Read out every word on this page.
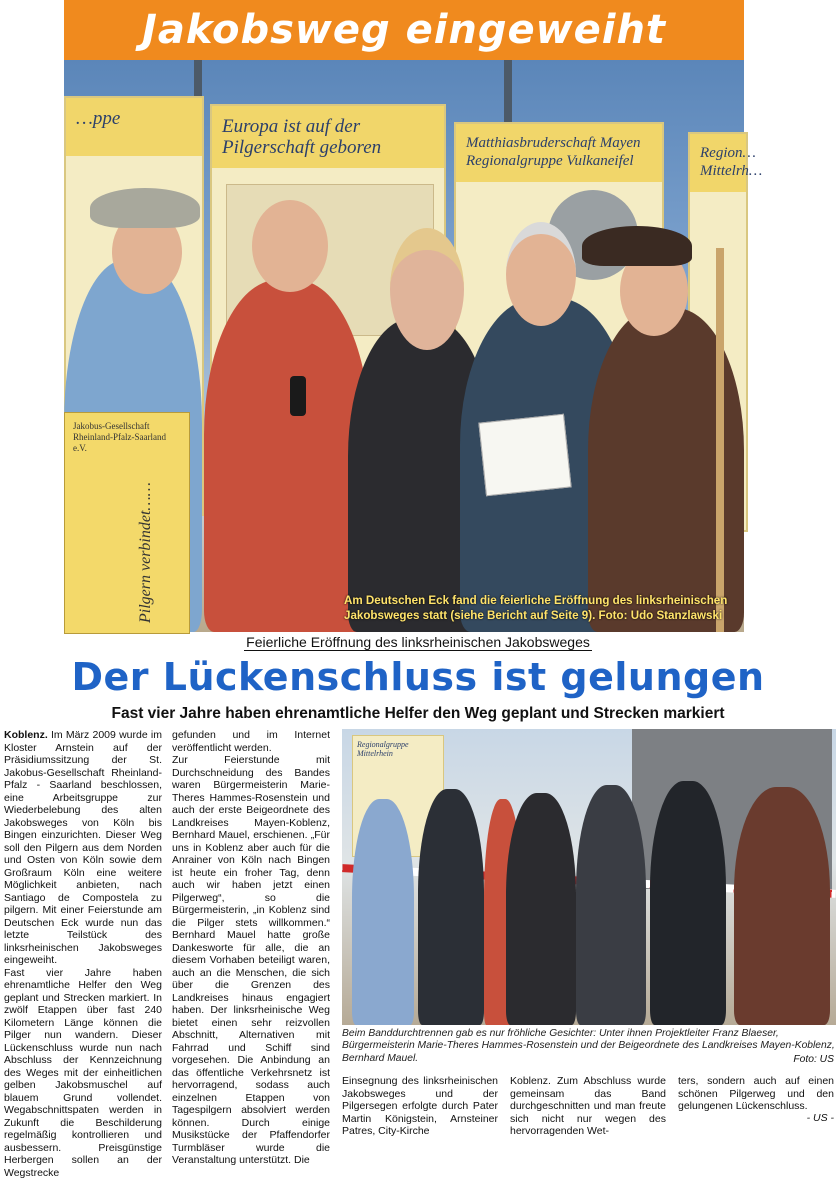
Jakobsweg eingeweiht
…ppe	Europa ist auf der Pilgerschaft geboren	Matthiasbruderschaft Mayen Regionalgruppe Vulkaneifel	Region… Mittelrh…
Jakobus-Gesellschaft Rheinland-Pfalz-Saarland e.V.
Pilgern verbindet……	Am Deutschen Eck fand die feierliche Eröffnung des linksrheinischen Jakobsweges statt (siehe Bericht auf Seite 9). Foto: Udo Stanzlawski
Feierliche Eröffnung des linksrheinischen Jakobsweges
Der Lückenschluss ist gelungen
Fast vier Jahre haben ehrenamtliche Helfer den Weg geplant und Strecken markiert

Koblenz. Im März 2009 wurde im Kloster Arnstein auf der Präsidiumssitzung der St. Jakobus-Gesellschaft Rheinland-Pfalz - Saarland beschlossen, eine Arbeitsgruppe zur Wiederbelebung des alten Jakobsweges von Köln bis Bingen einzurichten. Dieser Weg soll den Pilgern aus dem Norden und Osten von Köln sowie dem Großraum Köln eine weitere Möglichkeit anbieten, nach Santiago de Compostela zu pilgern. Mit einer Feierstunde am Deutschen Eck wurde nun das letzte Teilstück des linksrheinischen Jakobsweges eingeweiht.

Fast vier Jahre haben ehrenamtliche Helfer den Weg geplant und Strecken markiert. In zwölf Etappen über fast 240 Kilometern Länge können die Pilger nun wandern. Dieser Lückenschluss wurde nun nach Abschluss der Kennzeichnung des Weges mit der einheitlichen gelben Jakobsmuschel auf blauem Grund vollendet. Wegabschnittspaten werden in Zukunft die Beschilderung regelmäßig kontrollieren und ausbessern. Preisgünstige Herbergen sollen an der Wegstrecke

gefunden und im Internet veröffentlicht werden.

Zur Feierstunde mit Durchschneidung des Bandes waren Bürgermeisterin Marie-Theres Hammes-Rosenstein und auch der erste Beigeordnete des Landkreises Mayen-Koblenz, Bernhard Mauel, erschienen. „Für uns in Koblenz aber auch für die Anrainer von Köln nach Bingen ist heute ein froher Tag, denn auch wir haben jetzt einen Pilgerweg“, so die Bürgermeisterin, „in Koblenz sind die Pilger stets willkommen.“ Bernhard Mauel hatte große Dankesworte für alle, die an diesem Vorhaben beteiligt waren, auch an die Menschen, die sich über die Grenzen des Landkreises hinaus engagiert haben. Der linksrheinische Weg bietet einen sehr reizvollen Abschnitt, Alternativen mit Fahrrad und Schiff sind vorgesehen. Die Anbindung an das öffentliche Verkehrsnetz ist hervorragend, sodass auch einzelnen Etappen von Tagespilgern absolviert werden können. Durch einige Musikstücke der Pfaffendorfer Turmbläser wurde die Veranstaltung unterstützt. Die

Regionalgruppe Mittelrhein
Beim Banddurchtrennen gab es nur fröhliche Gesichter: Unter ihnen Projektleiter Franz Blaeser, Bürgermeisterin Marie-Theres Hammes-Rosenstein und der Beigeordnete des Landkreises Mayen-Koblenz, Bernhard Mauel.	Foto: US

Einsegnung des linksrheinischen Jakobsweges und der Pilgersegen erfolgte durch Pater Martin Königstein, Arnsteiner Patres, City-Kirche

Koblenz. Zum Abschluss wurde gemeinsam das Band durchgeschnitten und man freute sich nicht nur wegen des hervorragenden Wet-

ters, sondern auch auf einen schönen Pilgerweg und den gelungenen Lückenschluss.

- US -
